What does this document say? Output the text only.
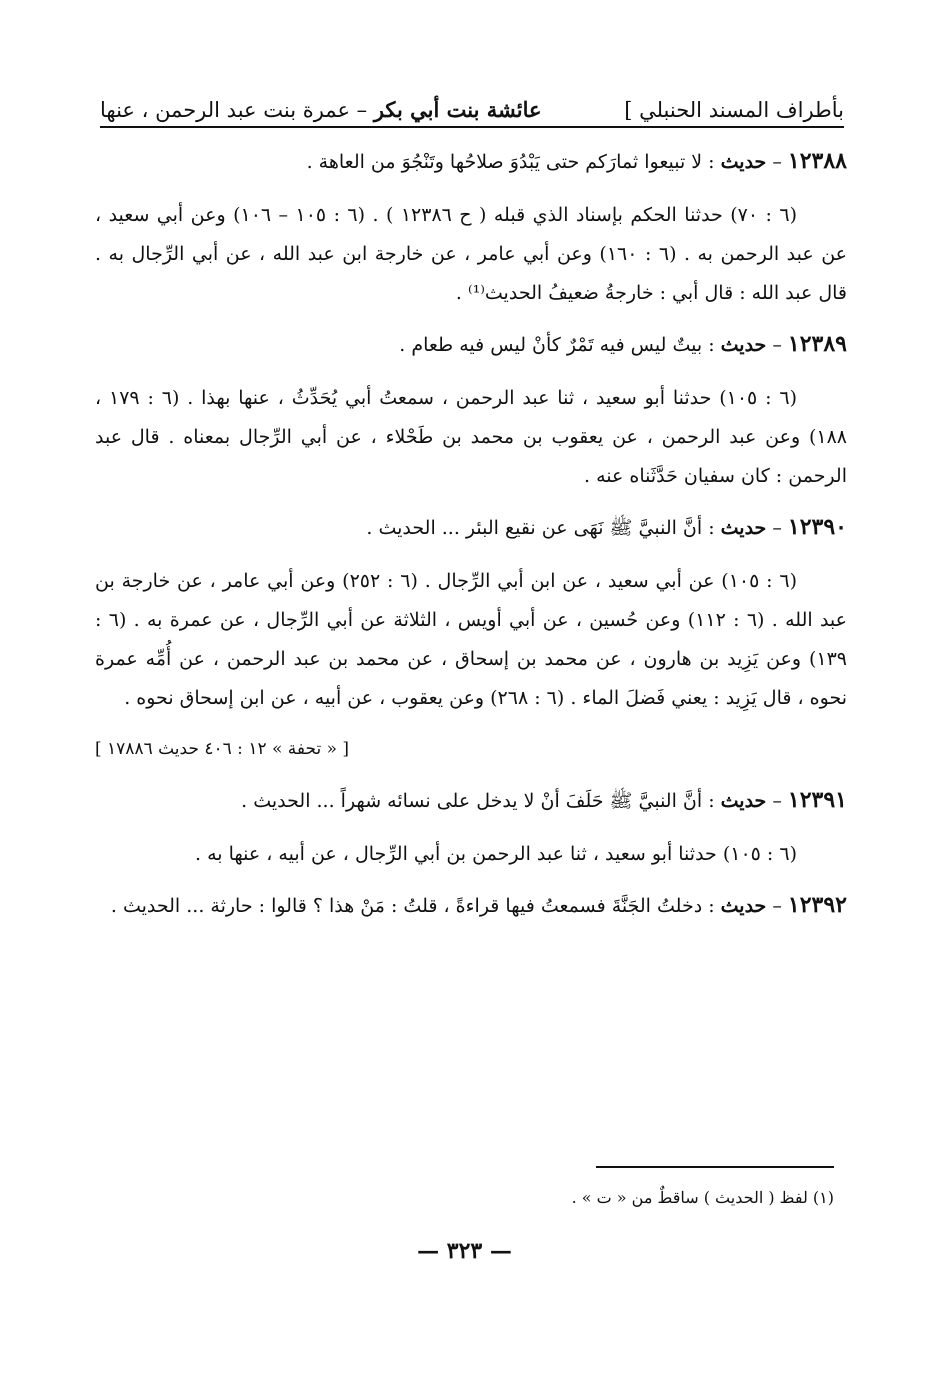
بأطراف المسند الحنبلي ]
عائشة بنت أبي بكر – عمرة بنت عبد الرحمن ، عنها

١٢٣٨٨ – حديث : لا تبيعوا ثمارَكم حتى يَبْدُوَ صلاحُها وتَنْجُوَ من العاهة .

(٦ : ٧٠) حدثنا الحكم بإسناد الذي قبله ( ح ١٢٣٨٦ ) . (٦ : ١٠٥ – ١٠٦) وعن أبي سعيد ، عن عبد الرحمن به . (٦ : ١٦٠) وعن أبي عامر ، عن خارجة ابن عبد الله ، عن أبي الرِّجال به . قال عبد الله : قال أبي : خارجةُ ضعيفُ الحديث⁽¹⁾ .

١٢٣٨٩ – حديث : بيتٌ ليس فيه تَمْرٌ كأنْ ليس فيه طعام .

(٦ : ١٠٥) حدثنا أبو سعيد ، ثنا عبد الرحمن ، سمعتُ أبي يُحَدِّثُ ، عنها بهذا . (٦ : ١٧٩ ، ١٨٨) وعن عبد الرحمن ، عن يعقوب بن محمد بن طَحْلاء ، عن أبي الرِّجال بمعناه . قال عبد الرحمن : كان سفيان حَدَّثَناه عنه .

١٢٣٩٠ – حديث : أنَّ النبيَّ ﷺ نَهَى عن نقيع البئر ... الحديث .

(٦ : ١٠٥) عن أبي سعيد ، عن ابن أبي الرِّجال . (٦ : ٢٥٢) وعن أبي عامر ، عن خارجة بن عبد الله . (٦ : ١١٢) وعن حُسين ، عن أبي أويس ، الثلاثة عن أبي الرِّجال ، عن عمرة به . (٦ : ١٣٩) وعن يَزِيد بن هارون ، عن محمد بن إسحاق ، عن محمد بن عبد الرحمن ، عن أُمِّه عمرة نحوه ، قال يَزِيد : يعني فَضلَ الماء . (٦ : ٢٦٨) وعن يعقوب ، عن أبيه ، عن ابن إسحاق نحوه .

[ « تحفة » ١٢ : ٤٠٦ حديث ١٧٨٨٦ ]

١٢٣٩١ – حديث : أنَّ النبيَّ ﷺ حَلَفَ أنْ لا يدخل على نسائه شهراً ... الحديث .

(٦ : ١٠٥) حدثنا أبو سعيد ، ثنا عبد الرحمن بن أبي الرِّجال ، عن أبيه ، عنها به .

١٢٣٩٢ – حديث : دخلتُ الجَنَّةَ فسمعتُ فيها قراءةً ، قلتُ : مَنْ هذا ؟ قالوا : حارثة ... الحديث .

(١) لفظ ( الحديث ) ساقطٌ من « ت » .
— ٣٢٣ —
